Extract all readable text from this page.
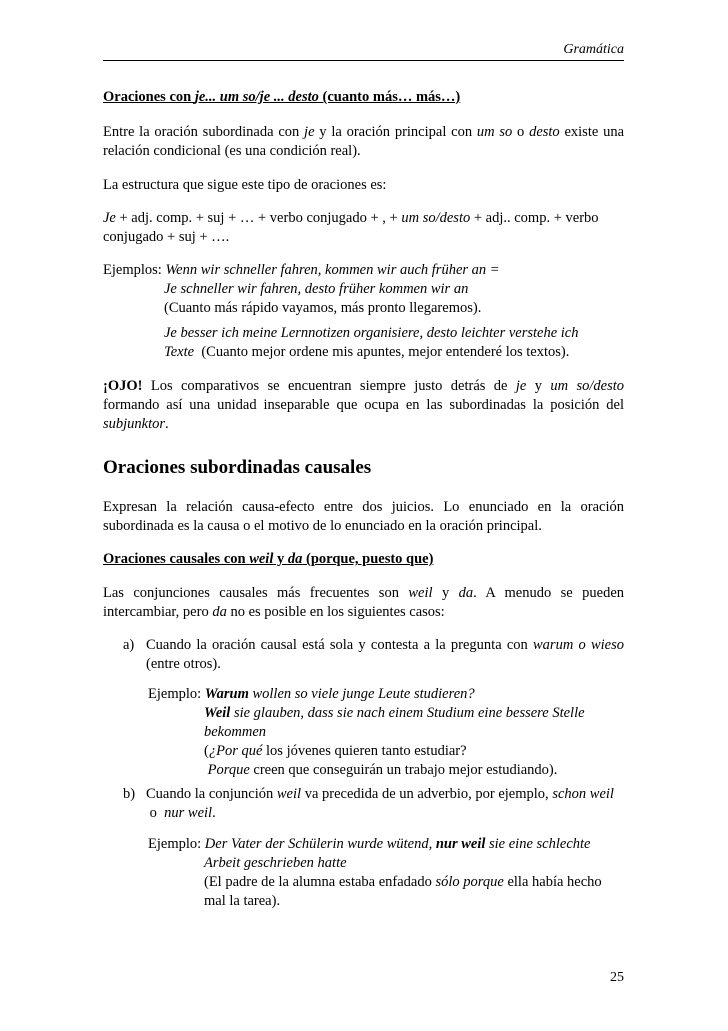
Gramática
Oraciones con je... um so/je ... desto (cuanto más… más…)
Entre la oración subordinada con je y la oración principal con um so o desto existe una relación condicional (es una condición real).
La estructura que sigue este tipo de oraciones es:
Je + adj. comp. + suj + … + verbo conjugado + , + um so/desto + adj.. comp. + verbo conjugado + suj + ….
Ejemplos: Wenn wir schneller fahren, kommen wir auch früher an =
Je schneller wir fahren, desto früher kommen wir an
(Cuanto más rápido vayamos, más pronto llegaremos).
Je besser ich meine Lernnotizen organisiere, desto leichter verstehe ich
Texte  (Cuanto mejor ordene mis apuntes, mejor entenderé los textos).
¡OJO! Los comparativos se encuentran siempre justo detrás de je y um so/desto formando así una unidad inseparable que ocupa en las subordinadas la posición del subjunktor.
Oraciones subordinadas causales
Expresan la relación causa-efecto entre dos juicios. Lo enunciado en la oración subordinada es la causa o el motivo de lo enunciado en la oración principal.
Oraciones causales con weil y da (porque, puesto que)
Las conjunciones causales más frecuentes son weil y da. A menudo se pueden intercambiar, pero da no es posible en los siguientes casos:
a) Cuando la oración causal está sola y contesta a la pregunta con warum o wieso (entre otros).
Ejemplo: Warum wollen so viele junge Leute studieren?
Weil sie glauben, dass sie nach einem Studium eine bessere Stelle bekommen
(¿Por qué los jóvenes quieren tanto estudiar?
Porque creen que conseguirán un trabajo mejor estudiando).
b) Cuando la conjunción weil va precedida de un adverbio, por ejemplo, schon weil o  nur weil.
Ejemplo: Der Vater der Schülerin wurde wütend, nur weil sie eine schlechte
Arbeit geschrieben hatte
(El padre de la alumna estaba enfadado sólo porque ella había hecho mal la tarea).
25
